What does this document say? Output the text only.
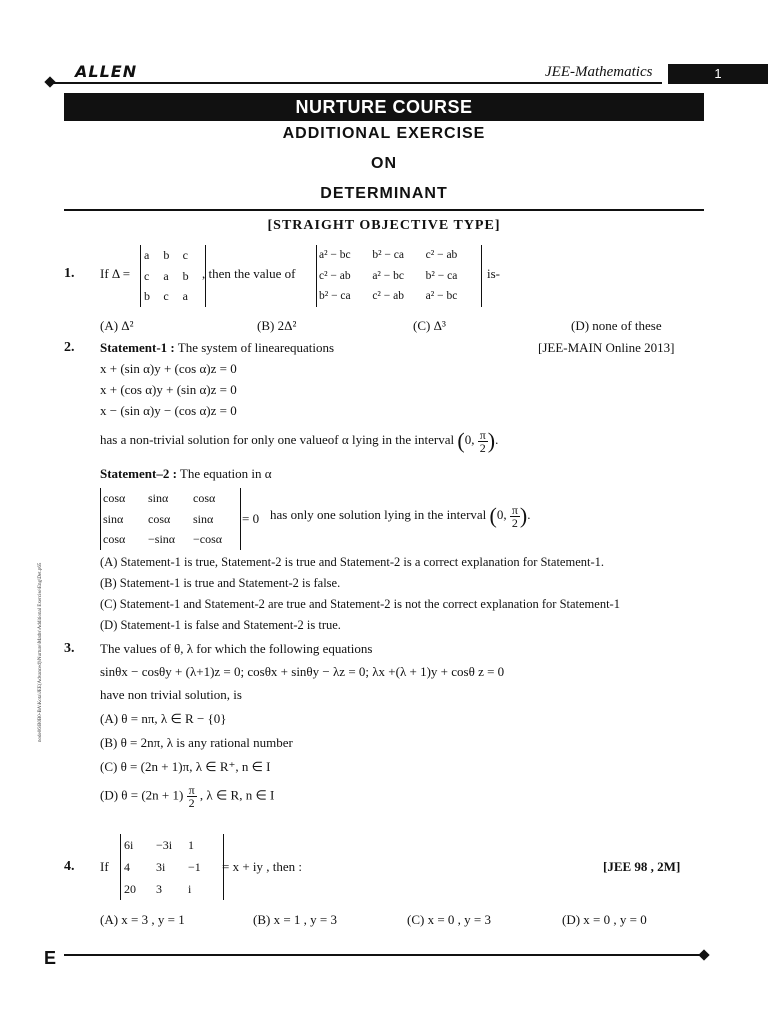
ALLEN	JEE-Mathematics	1
NURTURE COURSE
ADDITIONAL EXERCISE
ON
DETERMINANT
[STRAIGHT OBJECTIVE TYPE]
1. If Δ =
a	b	c
c	a	b
b	c	a
, then the value of
a² − bc	b² − ca	c² − ab
c² − ab	a² − bc	b² − ca
b² − ca	c² − ab	a² − bc
is-
(A) Δ²	(B) 2Δ²	(C) Δ³	(D) none of these
2. Statement-1 : The system of linearequations	[JEE-MAIN Online 2013]
x + (sin α)y + (cos α)z = 0
x + (cos α)y + (sin α)z = 0
x − (sin α)y − (cos α)z = 0
has a non-trivial solution for only one valueof α lying in the interval (0, $\frac{\pi}{2}$ ).
Statement–2 : The equation in α
cosα	sinα	cosα
sinα	cosα	sinα
cosα	−sinα	−cosα
= 0 has only one solution lying in the interval (0, $\frac{\pi}{2}$ ).
(A) Statement-1 is true, Statement-2 is true and Statement-2 is a correct explanation for Statement-1.
(B) Statement-1 is true and Statement-2 is false.
(C) Statement-1 and Statement-2 are true and Statement-2 is not the correct explanation for Statement-1
(D) Statement-1 is false and Statement-2 is true.
3. The values of θ, λ for which the following equations
sinθx − cosθy + (λ+1)z = 0; cosθx + sinθy − λz = 0; λx +(λ + 1)y + cosθ z = 0
have non trivial solution, is
(A) θ = nπ, λ ∈ R − {0}
(B) θ = 2nπ, λ is any rational number
(C) θ = (2n + 1)π, λ ∈ R⁺, n ∈ I
(D) $\theta = (2n + 1) \frac{\pi}{2}$ , λ ∈ R, n ∈ I
4. If
6i	−3i	1
4	3i	−1
20	3	i
= x + iy , then :	[JEE 98 , 2M]
(A) x = 3 , y = 1	(B) x = 1 , y = 3	(C) x = 0 , y = 3	(D) x = 0 , y = 0
node06\B0B0-BA\Kota\JEE(Advanced)\Nurture\Maths\Additional Exercise\Eng\Det.p65
E
